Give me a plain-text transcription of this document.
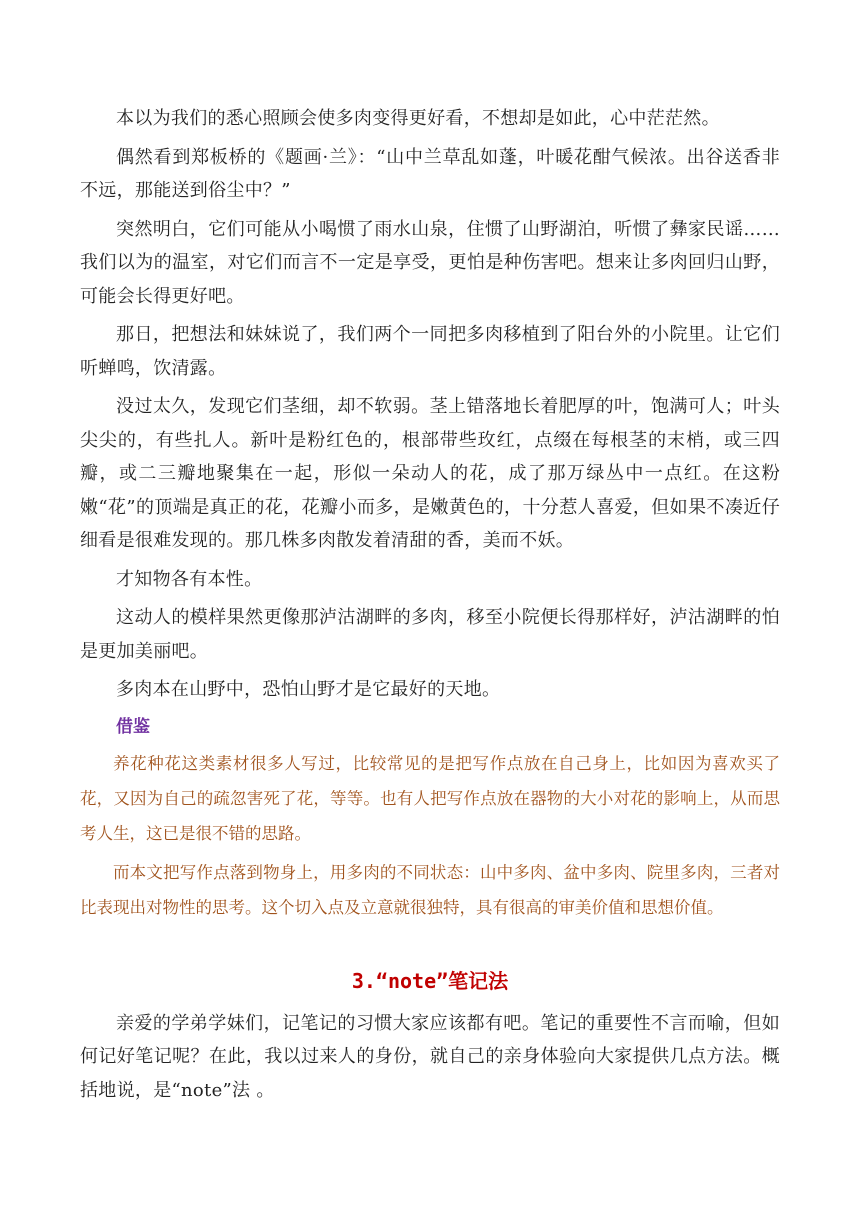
本以为我们的悉心照顾会使多肉变得更好看，不想却是如此，心中茫茫然。

偶然看到郑板桥的《题画·兰》：“山中兰草乱如蓬，叶暖花酣气候浓。出谷送香非不远，那能送到俗尘中？”

突然明白，它们可能从小喝惯了雨水山泉，住惯了山野湖泊，听惯了彝家民谣……我们以为的温室，对它们而言不一定是享受，更怕是种伤害吧。想来让多肉回归山野，可能会长得更好吧。

那日，把想法和妹妹说了，我们两个一同把多肉移植到了阳台外的小院里。让它们听蝉鸣，饮清露。

没过太久，发现它们茎细，却不软弱。茎上错落地长着肥厚的叶，饱满可人；叶头尖尖的，有些扎人。新叶是粉红色的，根部带些玫红，点缀在每根茎的末梢，或三四瓣，或二三瓣地聚集在一起，形似一朵动人的花，成了那万绿丛中一点红。在这粉嫩“花”的顶端是真正的花，花瓣小而多，是嫩黄色的，十分惹人喜爱，但如果不凑近仔细看是很难发现的。那几株多肉散发着清甜的香，美而不妖。

才知物各有本性。

这动人的模样果然更像那泸沽湖畔的多肉，移至小院便长得那样好，泸沽湖畔的怕是更加美丽吧。

多肉本在山野中，恐怕山野才是它最好的天地。

借鉴

养花种花这类素材很多人写过，比较常见的是把写作点放在自己身上，比如因为喜欢买了花，又因为自己的疏忽害死了花，等等。也有人把写作点放在器物的大小对花的影响上，从而思考人生，这已是很不错的思路。

而本文把写作点落到物身上，用多肉的不同状态：山中多肉、盆中多肉、院里多肉，三者对比表现出对物性的思考。这个切入点及立意就很独特，具有很高的审美价值和思想价值。

3.“note”笔记法

亲爱的学弟学妹们，记笔记的习惯大家应该都有吧。笔记的重要性不言而喻，但如何记好笔记呢？在此，我以过来人的身份，就自己的亲身体验向大家提供几点方法。概括地说，是“note”法 。
